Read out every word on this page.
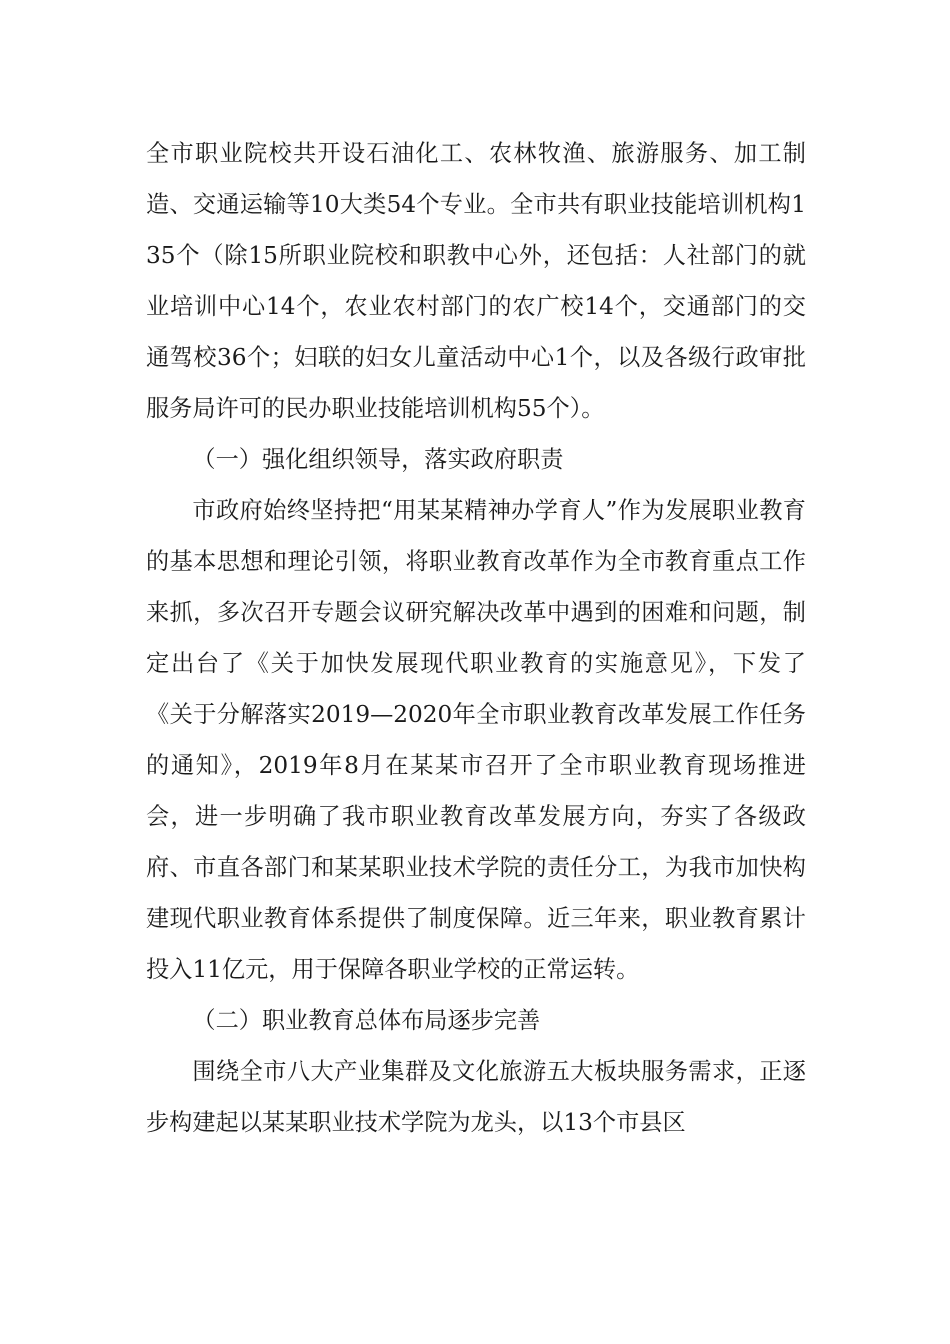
全市职业院校共开设石油化工、农林牧渔、旅游服务、加工制造、交通运输等10大类54个专业。全市共有职业技能培训机构135个（除15所职业院校和职教中心外，还包括：人社部门的就业培训中心14个，农业农村部门的农广校14个，交通部门的交通驾校36个；妇联的妇女儿童活动中心1个，以及各级行政审批服务局许可的民办职业技能培训机构55个）。

（一）强化组织领导，落实政府职责

市政府始终坚持把“用某某精神办学育人”作为发展职业教育的基本思想和理论引领，将职业教育改革作为全市教育重点工作来抓，多次召开专题会议研究解决改革中遇到的困难和问题，制定出台了《关于加快发展现代职业教育的实施意见》，下发了《关于分解落实2019—2020年全市职业教育改革发展工作任务的通知》，2019年8月在某某市召开了全市职业教育现场推进会，进一步明确了我市职业教育改革发展方向，夯实了各级政府、市直各部门和某某职业技术学院的责任分工，为我市加快构建现代职业教育体系提供了制度保障。近三年来，职业教育累计投入11亿元，用于保障各职业学校的正常运转。

（二）职业教育总体布局逐步完善

围绕全市八大产业集群及文化旅游五大板块服务需求，正逐步构建起以某某职业技术学院为龙头，以13个市县区
